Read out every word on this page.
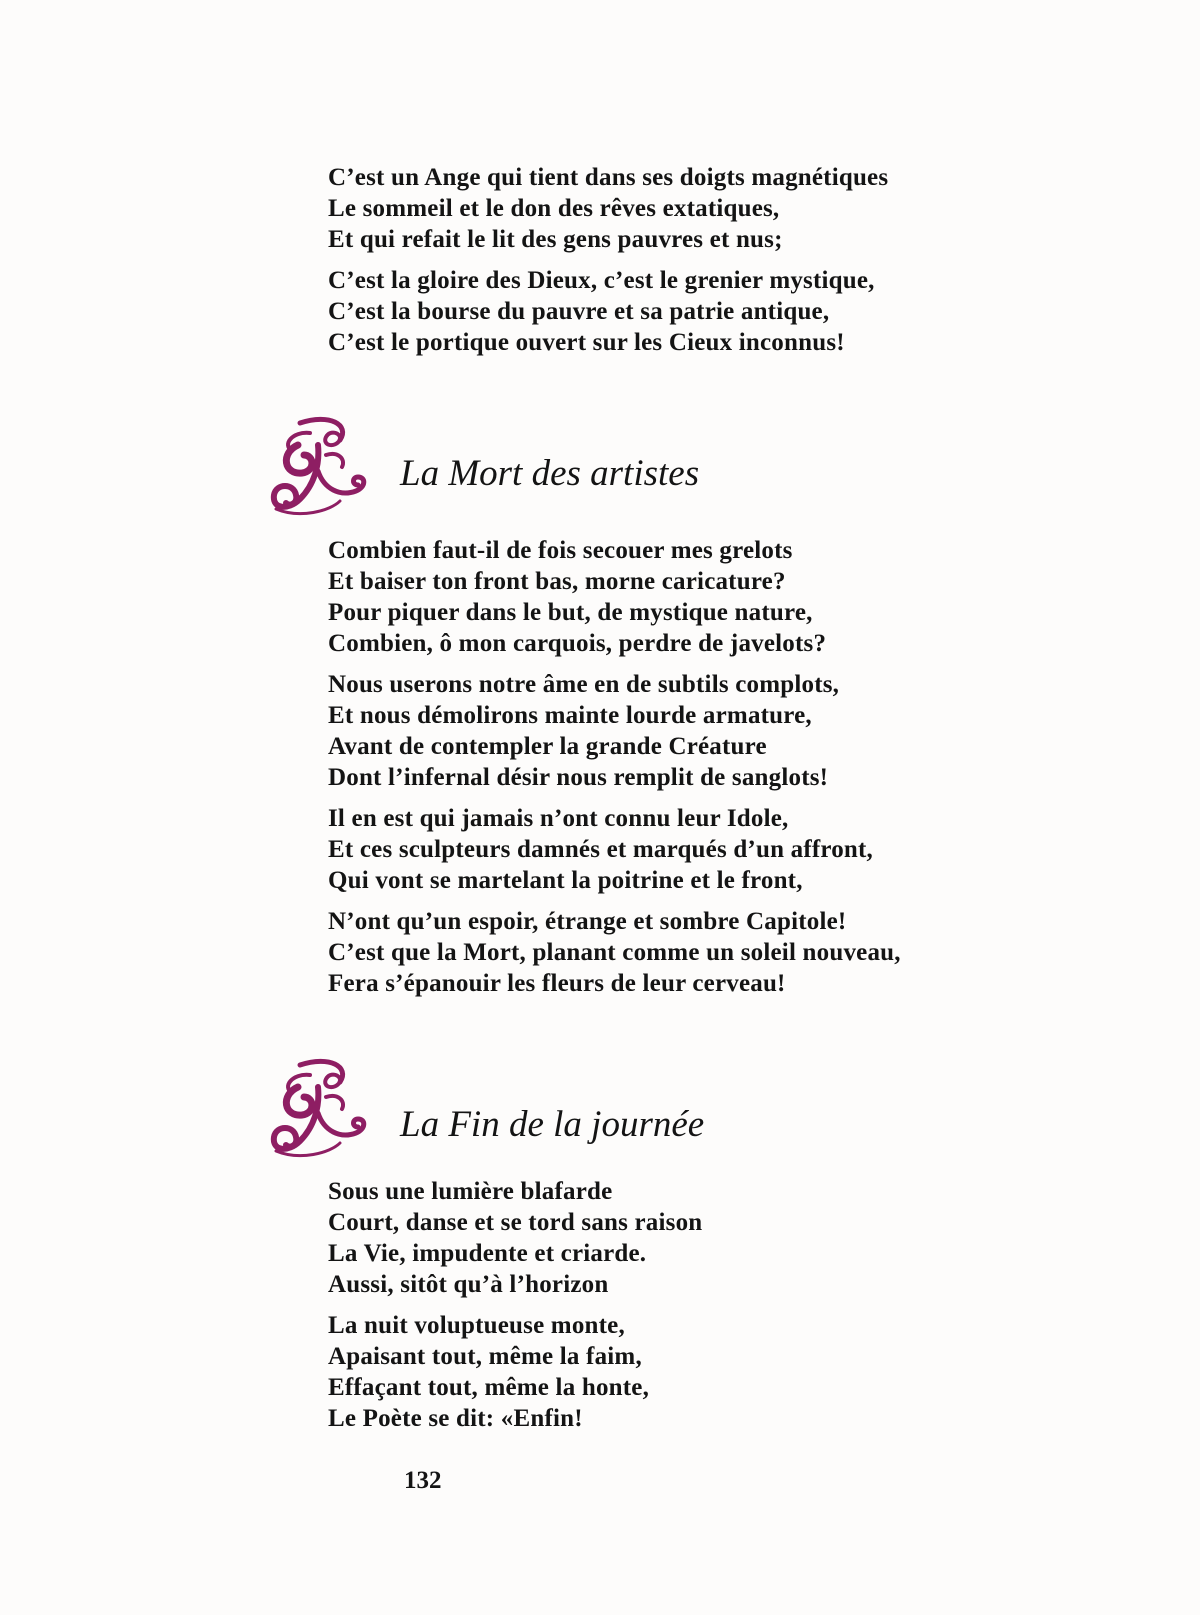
C’est un Ange qui tient dans ses doigts magnétiques
Le sommeil et le don des rêves extatiques,
Et qui refait le lit des gens pauvres et nus;
C’est la gloire des Dieux, c’est le grenier mystique,
C’est la bourse du pauvre et sa patrie antique,
C’est le portique ouvert sur les Cieux inconnus!
La Mort des artistes
Combien faut-il de fois secouer mes grelots
Et baiser ton front bas, morne caricature?
Pour piquer dans le but, de mystique nature,
Combien, ô mon carquois, perdre de javelots?
Nous userons notre âme en de subtils complots,
Et nous démolirons mainte lourde armature,
Avant de contempler la grande Créature
Dont l’infernal désir nous remplit de sanglots!
Il en est qui jamais n’ont connu leur Idole,
Et ces sculpteurs damnés et marqués d’un affront,
Qui vont se martelant la poitrine et le front,
N’ont qu’un espoir, étrange et sombre Capitole!
C’est que la Mort, planant comme un soleil nouveau,
Fera s’épanouir les fleurs de leur cerveau!
La Fin de la journée
Sous une lumière blafarde
Court, danse et se tord sans raison
La Vie, impudente et criarde.
Aussi, sitôt qu’à l’horizon
La nuit voluptueuse monte,
Apaisant tout, même la faim,
Effaçant tout, même la honte,
Le Poète se dit: «Enfin!
132
